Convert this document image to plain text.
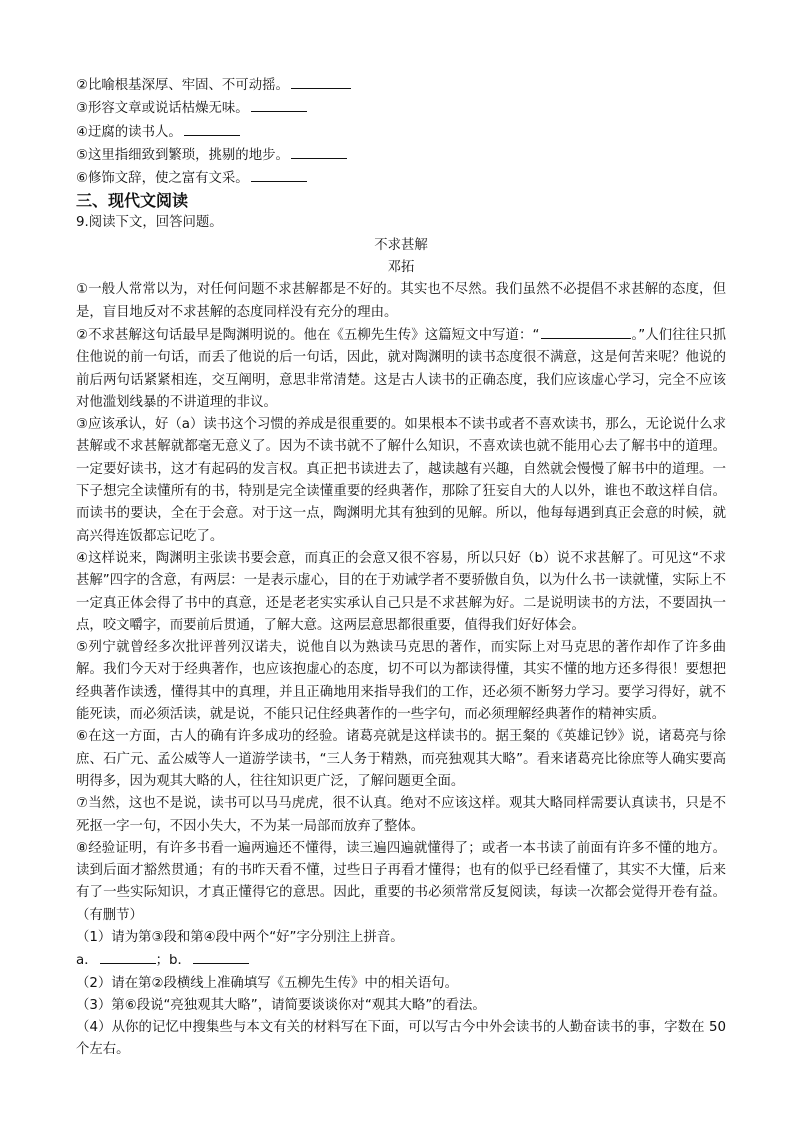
②比喻根基深厚、牢固、不可动摇。
③形容文章或说话枯燥无味。
④迂腐的读书人。
⑤这里指细致到繁琐，挑剔的地步。
⑥修饰文辞，使之富有文采。
三、现代文阅读
9.阅读下文，回答问题。
不求甚解
邓拓

①一般人常常以为，对任何问题不求甚解都是不好的。其实也不尽然。我们虽然不必提倡不求甚解的态度，但是，盲目地反对不求甚解的态度同样没有充分的理由。

②不求甚解这句话最早是陶渊明说的。他在《五柳先生传》这篇短文中写道：“	。”人们往往只抓住他说的前一句话，而丢了他说的后一句话，因此，就对陶渊明的读书态度很不满意，这是何苦来呢？他说的前后两句话紧紧相连，交互阐明，意思非常清楚。这是古人读书的正确态度，我们应该虚心学习，完全不应该对他滥划线暴的不讲道理的非议。

③应该承认，好（a）读书这个习惯的养成是很重要的。如果根本不读书或者不喜欢读书，那么，无论说什么求甚解或不求甚解就都毫无意义了。因为不读书就不了解什么知识，不喜欢读也就不能用心去了解书中的道理。一定要好读书，这才有起码的发言权。真正把书读进去了，越读越有兴趣，自然就会慢慢了解书中的道理。一下子想完全读懂所有的书，特别是完全读懂重要的经典著作，那除了狂妄自大的人以外，谁也不敢这样自信。而读书的要诀，全在于会意。对于这一点，陶渊明尤其有独到的见解。所以，他每每遇到真正会意的时候，就高兴得连饭都忘记吃了。

④这样说来，陶渊明主张读书要会意，而真正的会意又很不容易，所以只好（b）说不求甚解了。可见这“不求甚解”四字的含意，有两层：一是表示虚心，目的在于劝诫学者不要骄傲自负，以为什么书一读就懂，实际上不一定真正体会得了书中的真意，还是老老实实承认自己只是不求甚解为好。二是说明读书的方法，不要固执一点，咬文嚼字，而要前后贯通，了解大意。这两层意思都很重要，值得我们好好体会。

⑤列宁就曾经多次批评普列汉诺夫，说他自以为熟读马克思的著作，而实际上对马克思的著作却作了许多曲解。我们今天对于经典著作，也应该抱虚心的态度，切不可以为都读得懂，其实不懂的地方还多得很！要想把经典著作读透，懂得其中的真理，并且正确地用来指导我们的工作，还必须不断努力学习。要学习得好，就不能死读，而必须活读，就是说，不能只记住经典著作的一些字句，而必须理解经典著作的精神实质。

⑥在这一方面，古人的确有许多成功的经验。诸葛亮就是这样读书的。据王粲的《英雄记钞》说，诸葛亮与徐庶、石广元、孟公威等人一道游学读书，“三人务于精熟，而亮独观其大略”。看来诸葛亮比徐庶等人确实要高明得多，因为观其大略的人，往往知识更广泛，了解问题更全面。

⑦当然，这也不是说，读书可以马马虎虎，很不认真。绝对不应该这样。观其大略同样需要认真读书，只是不死抠一字一句，不因小失大，不为某一局部而放弃了整体。

⑧经验证明，有许多书看一遍两遍还不懂得，读三遍四遍就懂得了；或者一本书读了前面有许多不懂的地方。读到后面才豁然贯通；有的书昨天看不懂，过些日子再看才懂得；也有的似乎已经看懂了，其实不大懂，后来有了一些实际知识，才真正懂得它的意思。因此，重要的书必须常常反复阅读，每读一次都会觉得开卷有益。（有删节）

（1）请为第③段和第④段中两个“好”字分别注上拼音。
a．	；b．
（2）请在第②段横线上准确填写《五柳先生传》中的相关语句。
（3）第⑥段说“亮独观其大略”，请简要谈谈你对“观其大略”的看法。
（4）从你的记忆中搜集些与本文有关的材料写在下面，可以写古今中外会读书的人勤奋读书的事，字数在 50 个左右。
